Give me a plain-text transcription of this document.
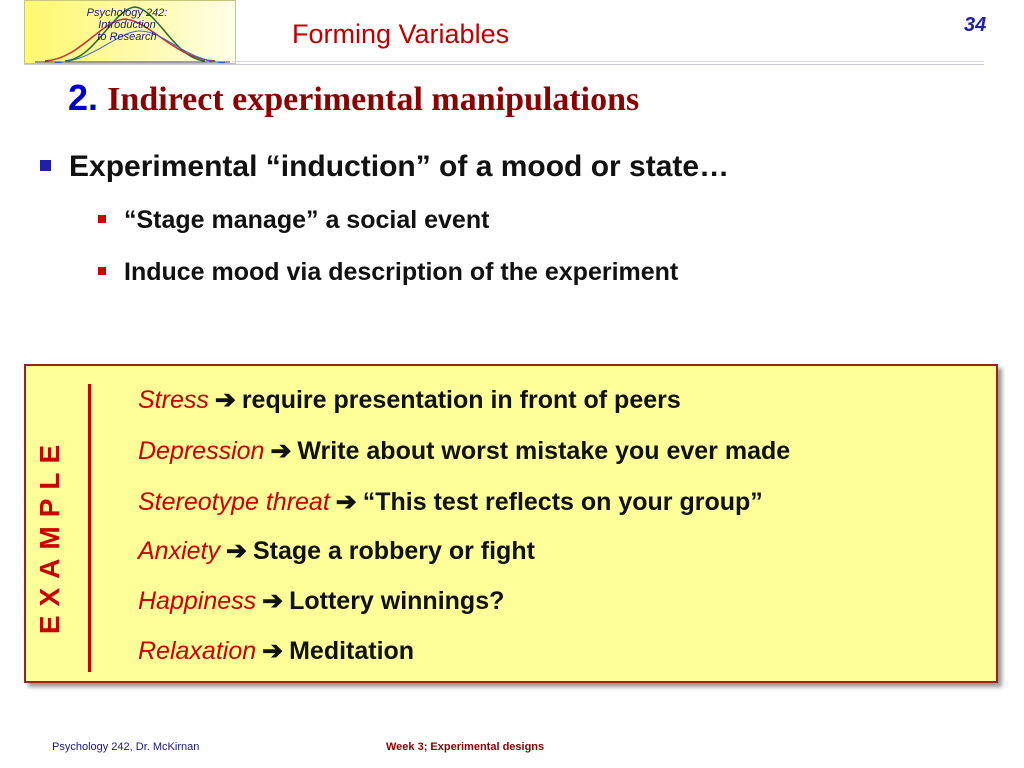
Psychology 242:
Introduction
to Research	Forming Variables	34
2. Indirect experimental manipulations
Experimental “induction” of a mood or state…
“Stage manage” a social event
Induce mood via description of the experiment
EXAMPLE
Stress ➔ require presentation in front of peers
Depression ➔ Write about worst mistake you ever made
Stereotype threat ➔ “This test reflects on your group”
Anxiety ➔ Stage a robbery or fight
Happiness ➔ Lottery winnings?
Relaxation ➔ Meditation
Psychology 242, Dr. McKirnan	Week 3; Experimental designs
